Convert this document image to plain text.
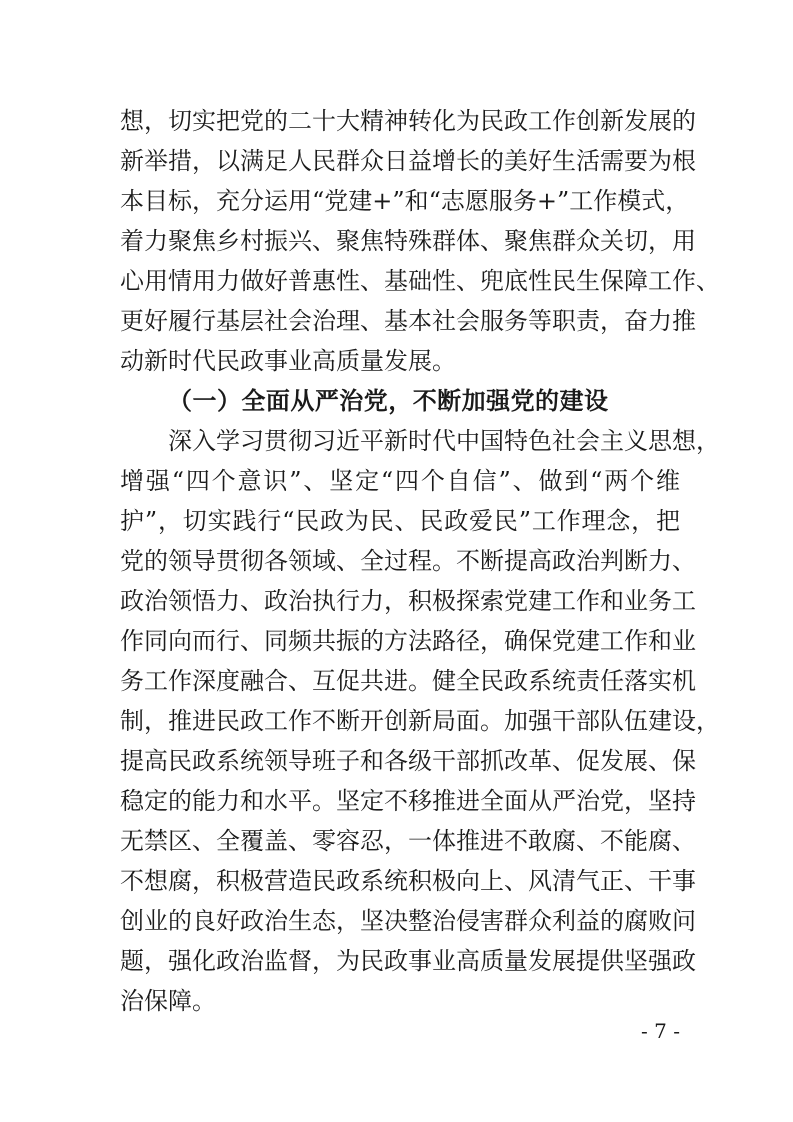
想，切实把党的二十大精神转化为民政工作创新发展的
新举措，以满足人民群众日益增长的美好生活需要为根
本目标，充分运用“党建+”和“志愿服务+”工作模式，
着力聚焦乡村振兴、聚焦特殊群体、聚焦群众关切，用
心用情用力做好普惠性、基础性、兜底性民生保障工作、
更好履行基层社会治理、基本社会服务等职责，奋力推
动新时代民政事业高质量发展。
（一）全面从严治党，不断加强党的建设
深入学习贯彻习近平新时代中国特色社会主义思想，
增强“四个意识”、坚定“四个自信”、做到“两个维
护”，切实践行“民政为民、民政爱民”工作理念，把
党的领导贯彻各领域、全过程。不断提高政治判断力、
政治领悟力、政治执行力，积极探索党建工作和业务工
作同向而行、同频共振的方法路径，确保党建工作和业
务工作深度融合、互促共进。健全民政系统责任落实机
制，推进民政工作不断开创新局面。加强干部队伍建设，
提高民政系统领导班子和各级干部抓改革、促发展、保
稳定的能力和水平。坚定不移推进全面从严治党，坚持
无禁区、全覆盖、零容忍，一体推进不敢腐、不能腐、
不想腐，积极营造民政系统积极向上、风清气正、干事
创业的良好政治生态，坚决整治侵害群众利益的腐败问
题，强化政治监督，为民政事业高质量发展提供坚强政
治保障。
- 7 -
